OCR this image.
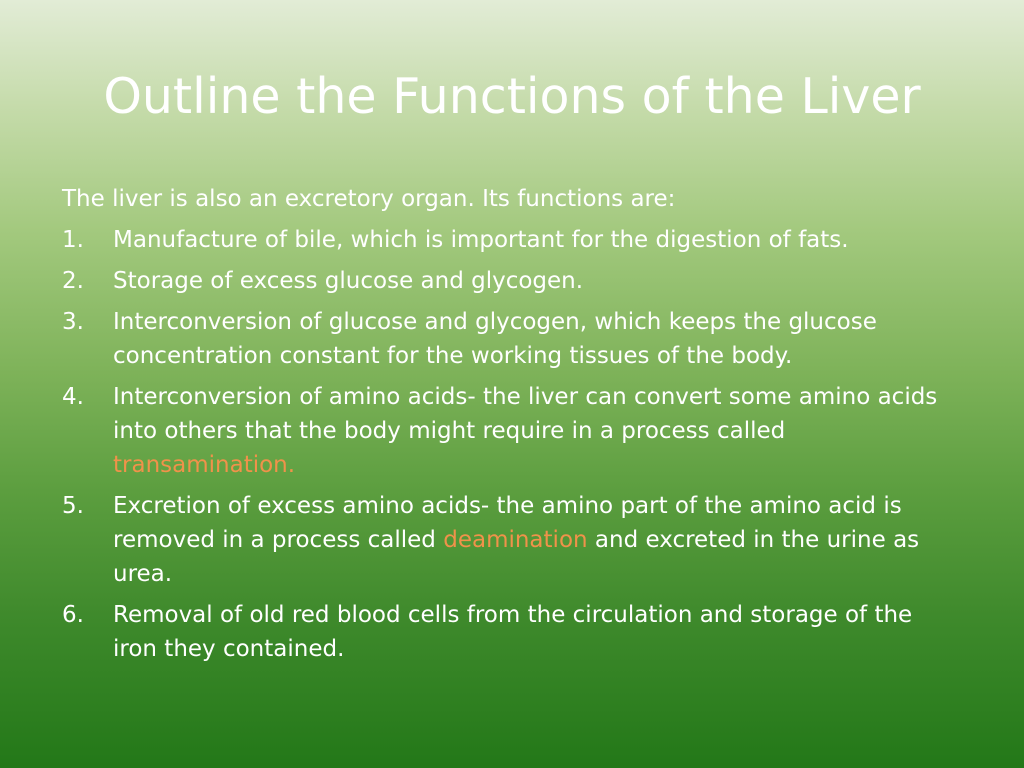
Outline the Functions of the Liver

The liver is also an excretory organ. Its functions are:

1.	Manufacture of bile, which is important for the digestion of fats.
2.	Storage of excess glucose and glycogen.
3.	Interconversion of glucose and glycogen, which keeps the glucose concentration constant for the working tissues of the body.
4.	Interconversion of amino acids- the liver can convert some amino acids into others that the body might require in a process called transamination.
5.	Excretion of excess amino acids- the amino part of the amino acid is removed in a process called deamination and excreted in the urine as urea.
6.	Removal of old red blood cells from the circulation and storage of the iron they contained.
